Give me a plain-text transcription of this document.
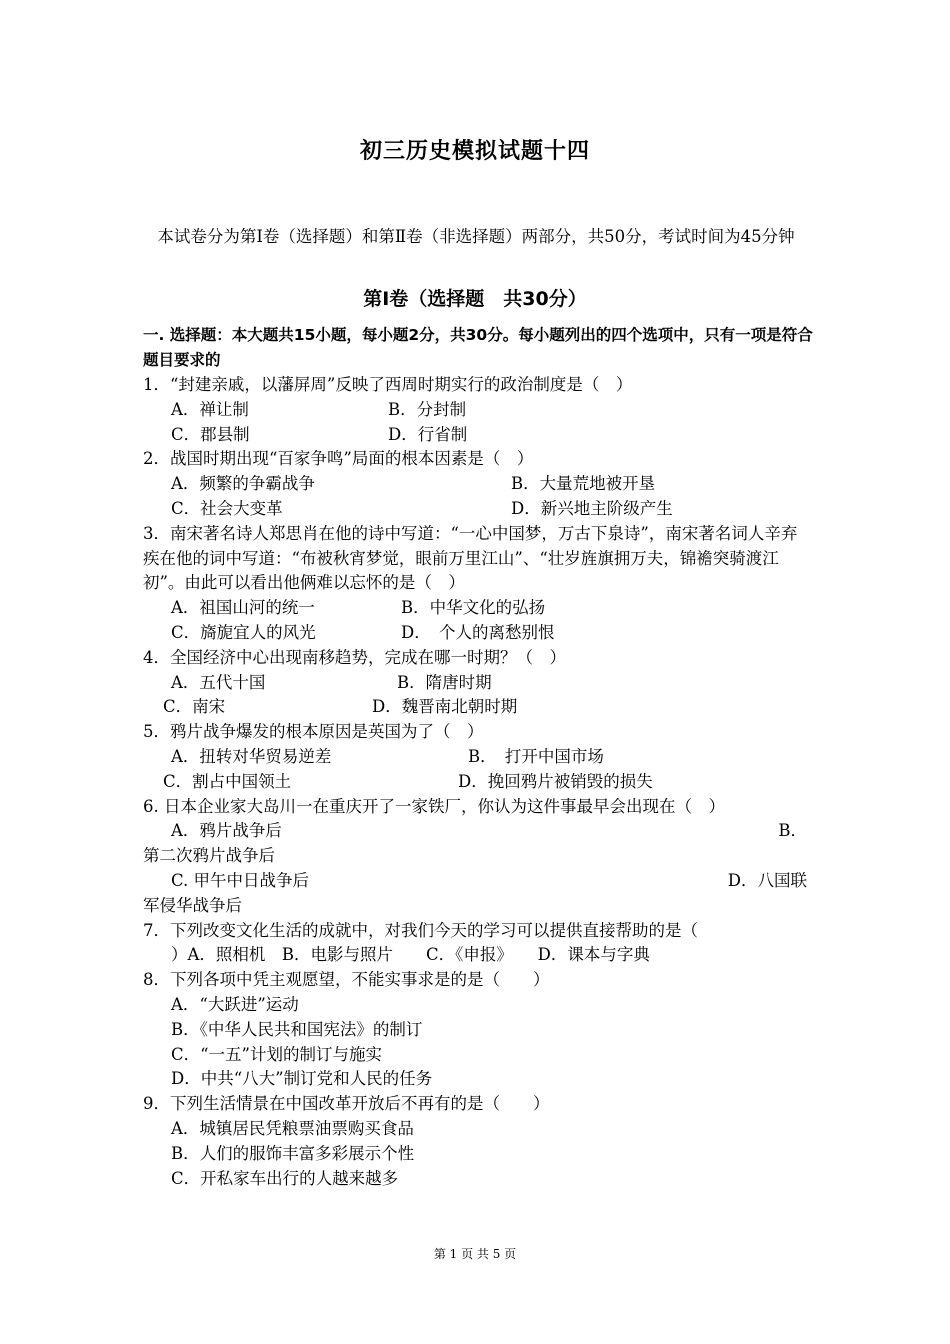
初三历史模拟试题十四
本试卷分为第Ⅰ卷（选择题）和第Ⅱ卷（非选择题）两部分，共50分，考试时间为45分钟
第Ⅰ卷（选择题　共30分）
一. 选择题：本大题共15小题，每小题2分，共30分。每小题列出的四个选项中，只有一项是符合题目要求的
1．“封建亲戚，以藩屏周”反映了西周时期实行的政治制度是（　）
A．禅让制	B．分封制
C．郡县制	D．行省制
2．战国时期出现“百家争鸣”局面的根本因素是（　）
A．频繁的争霸战争	B．大量荒地被开垦
C．社会大变革	D．新兴地主阶级产生
3．南宋著名诗人郑思肖在他的诗中写道：“一心中国梦，万古下泉诗”，南宋著名词人辛弃疾在他的词中写道：“布被秋宵梦觉，眼前万里江山”、“壮岁旌旗拥万夫，锦襜突骑渡江初”。由此可以看出他俩难以忘怀的是（　）
A．祖国山河的统一	B．中华文化的弘扬
C．旖旎宜人的风光	D．　个人的离愁别恨
4．全国经济中心出现南移趋势，完成在哪一时期？（　）
A．五代十国	B．隋唐时期
C．南宋	D．魏晋南北朝时期
5．鸦片战争爆发的根本原因是英国为了（　）
A．扭转对华贸易逆差	B．　打开中国市场
C．割占中国领土	D．挽回鸦片被销毁的损失
6. 日本企业家大岛川一在重庆开了一家铁厂，你认为这件事最早会出现在（　）
A．鸦片战争后	B．
第二次鸦片战争后
C. 甲午中日战争后	D．八国联
军侵华战争后
7．下列改变文化生活的成就中，对我们今天的学习可以提供直接帮助的是（
）A．照相机　B．电影与照片　　C．《申报》　　D．课本与字典
8．下列各项中凭主观愿望，不能实事求是的是（　　）
A．“大跃进”运动
B．《中华人民共和国宪法》的制订
C．“一五”计划的制订与施实
D．中共“八大”制订党和人民的任务
9．下列生活情景在中国改革开放后不再有的是（　　）
A．城镇居民凭粮票油票购买食品
B．人们的服饰丰富多彩展示个性
C．开私家车出行的人越来越多
第 1 页 共 5 页
